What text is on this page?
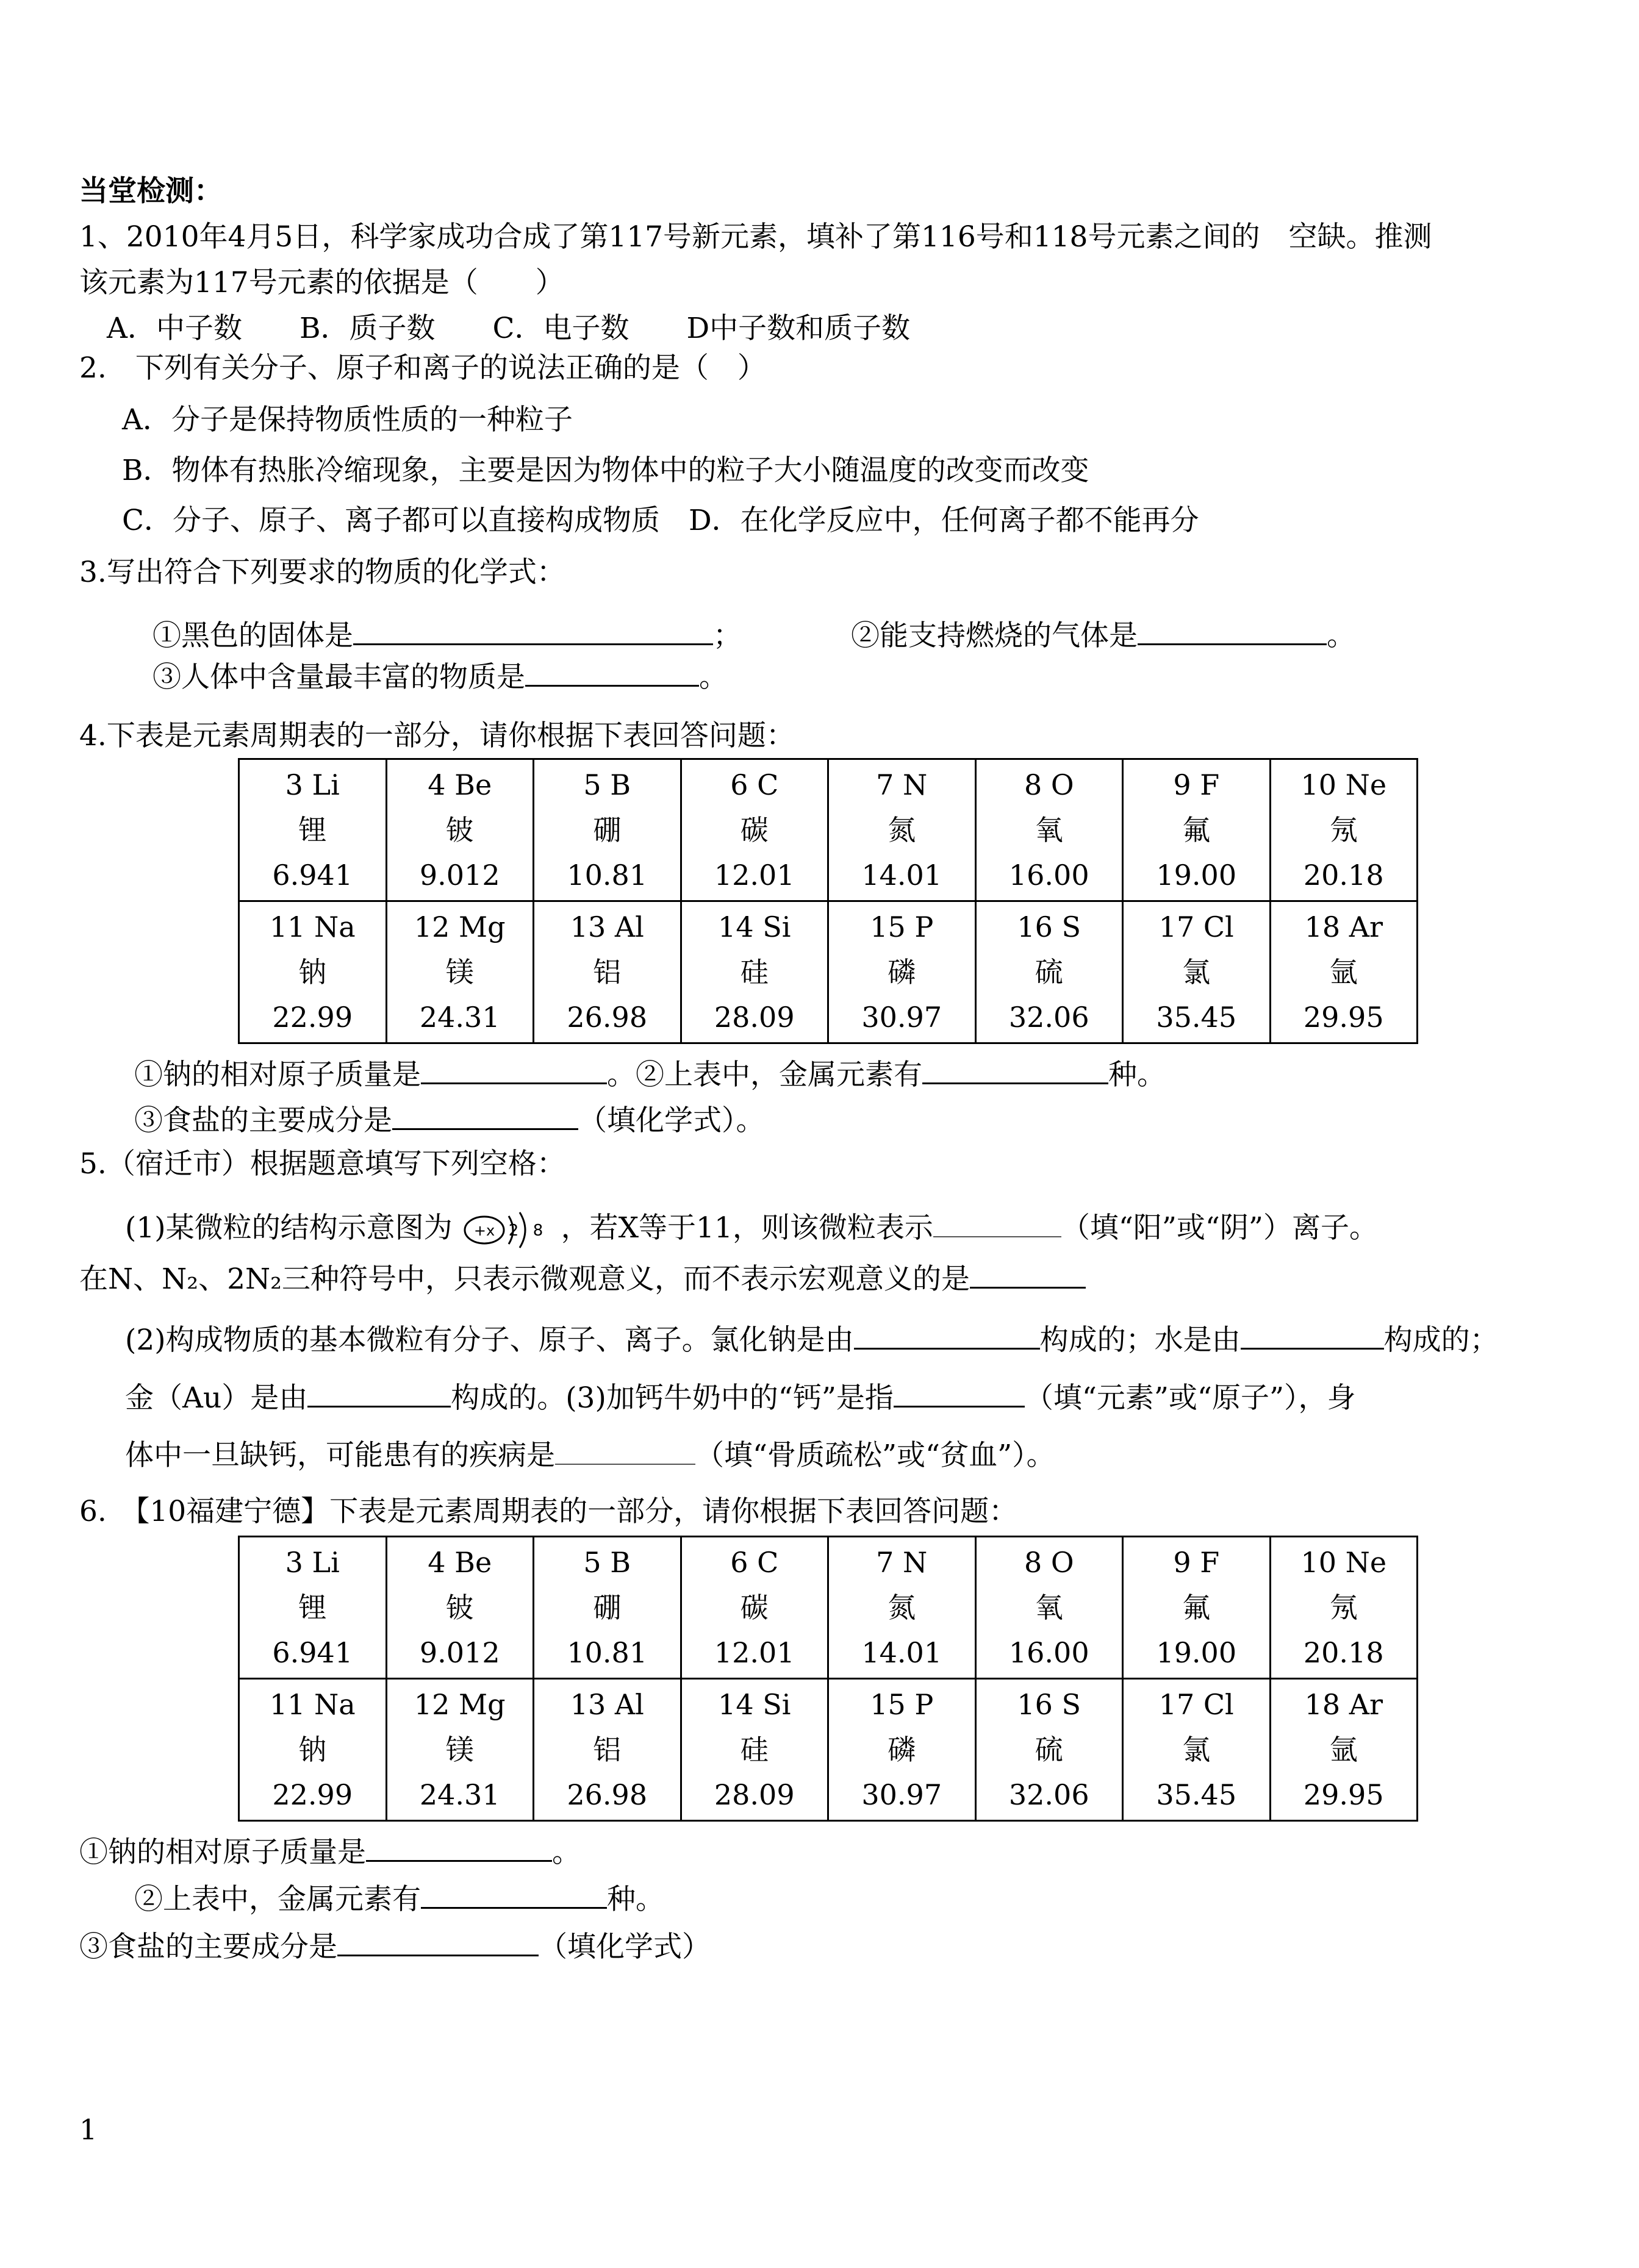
当堂检测：
1、2010年4月5日，科学家成功合成了第117号新元素，填补了第116号和118号元素之间的　空缺。推测
该元素为117号元素的依据是（　　）
A．中子数　　B．质子数　　C．电子数　　D中子数和质子数
2.　下列有关分子、原子和离子的说法正确的是（　）
A．分子是保持物质性质的一种粒子
B．物体有热胀冷缩现象，主要是因为物体中的粒子大小随温度的改变而改变
C．分子、原子、离子都可以直接构成物质　D．在化学反应中，任何离子都不能再分
3.写出符合下列要求的物质的化学式：
①黑色的固体是	；	②能支持燃烧的气体是	。
③人体中含量最丰富的物质是	。
4.下表是元素周期表的一部分，请你根据下表回答问题：
3 Li
锂
6.941	4 Be
铍
9.012	5 B
硼
10.81	6 C
碳
12.01	7 N
氮
14.01	8 O
氧
16.00	9 F
氟
19.00	10 Ne
氖
20.18

11 Na
钠
22.99	12 Mg
镁
24.31	13 Al
铝
26.98	14 Si
硅
28.09	15 P
磷
30.97	16 S
硫
32.06	17 Cl
氯
35.45	18 Ar
氩
29.95
①钠的相对原子质量是	。②上表中，金属元素有	种。
③食盐的主要成分是	（填化学式）。
5.（宿迁市）根据题意填写下列空格：
(1)某微粒的结构示意图为 +x 2 8 ，若X等于11，则该微粒表示	（填“阳”或“阴”）离子。
在N、N₂、2N₂三种符号中，只表示微观意义，而不表示宏观意义的是
(2)构成物质的基本微粒有分子、原子、离子。氯化钠是由	构成的；水是由	构成的；
金（Au）是由	构成的。(3)加钙牛奶中的“钙”是指	（填“元素”或“原子”），身
体中一旦缺钙，可能患有的疾病是	（填“骨质疏松”或“贫血”）。
6.　【10福建宁德】下表是元素周期表的一部分，请你根据下表回答问题：
3 Li
锂
6.941	4 Be
铍
9.012	5 B
硼
10.81	6 C
碳
12.01	7 N
氮
14.01	8 O
氧
16.00	9 F
氟
19.00	10 Ne
氖
20.18

11 Na
钠
22.99	12 Mg
镁
24.31	13 Al
铝
26.98	14 Si
硅
28.09	15 P
磷
30.97	16 S
硫
32.06	17 Cl
氯
35.45	18 Ar
氩
29.95
①钠的相对原子质量是	。
②上表中，金属元素有	种。
③食盐的主要成分是	（填化学式）
1
